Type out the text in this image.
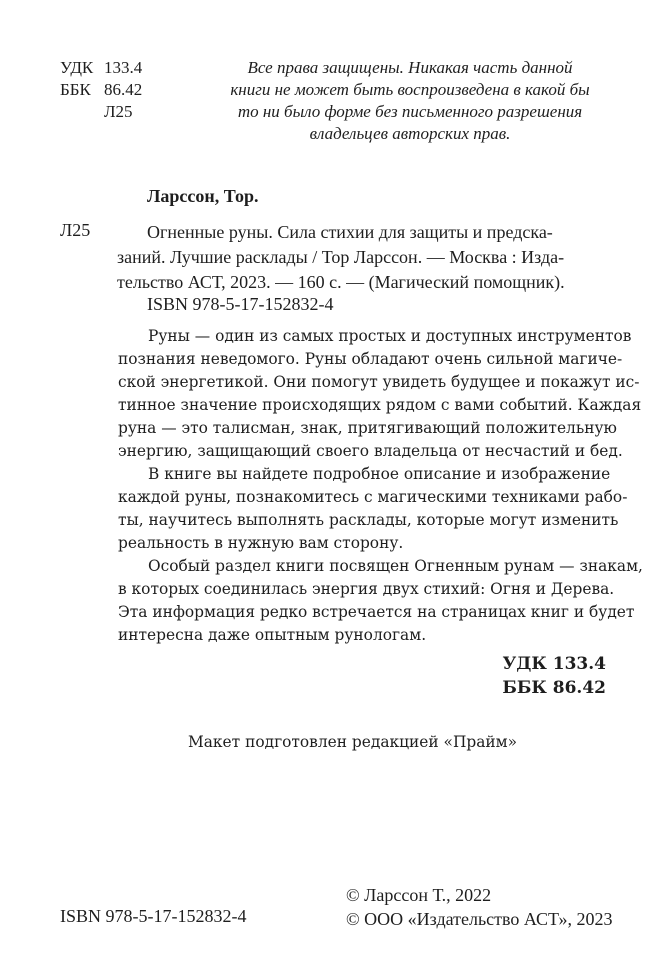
УДК 133.4
ББК 86.42
Л25
Все права защищены. Никакая часть данной
книги не может быть воспроизведена в какой бы
то ни было форме без письменного разрешения
владельцев авторских прав.
Ларссон, Тор.
Л25	Огненные руны. Сила стихии для защиты и предска-
заний. Лучшие расклады / Тор Ларссон. — Москва : Изда-
тельство АСТ, 2023. — 160 с. — (Магический помощник).
ISBN 978-5-17-152832-4
Руны — один из самых простых и доступных инструментов
познания неведомого. Руны обладают очень сильной магиче-
ской энергетикой. Они помогут увидеть будущее и покажут ис-
тинное значение происходящих рядом с вами событий. Каждая
руна — это талисман, знак, притягивающий положительную
энергию, защищающий своего владельца от несчастий и бед.
В книге вы найдете подробное описание и изображение
каждой руны, познакомитесь с магическими техниками рабо-
ты, научитесь выполнять расклады, которые могут изменить
реальность в нужную вам сторону.
Особый раздел книги посвящен Огненным рунам — знакам,
в которых соединилась энергия двух стихий: Огня и Дерева.
Эта информация редко встречается на страницах книг и будет
интересна даже опытным рунологам.
УДК 133.4
ББК 86.42
Макет подготовлен редакцией «Прайм»
ISBN 978-5-17-152832-4
© Ларссон Т., 2022
© ООО «Издательство АСТ», 2023
